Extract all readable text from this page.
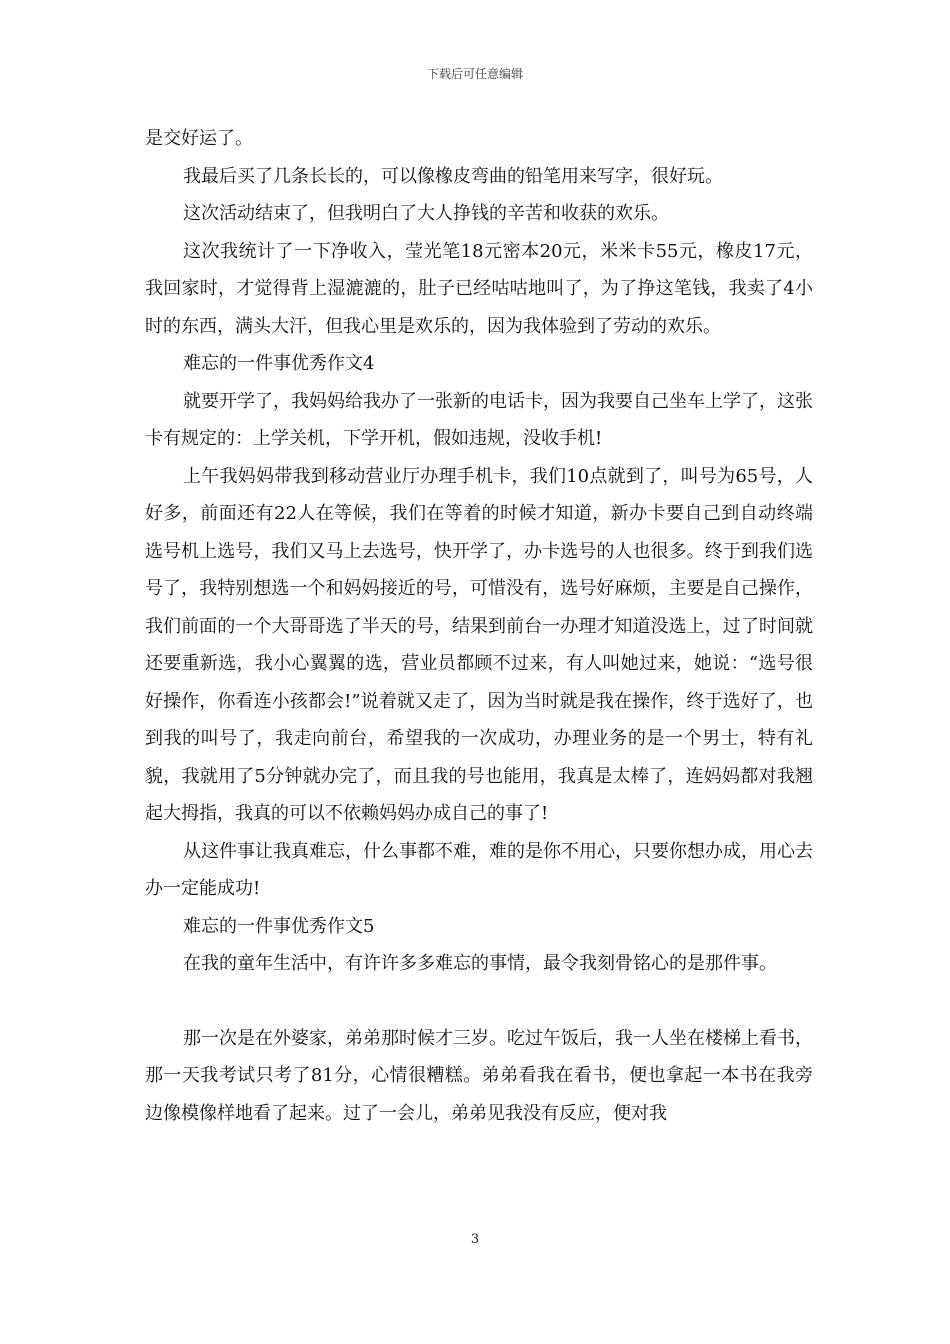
下载后可任意编辑

是交好运了。

我最后买了几条长长的，可以像橡皮弯曲的铅笔用来写字，很好玩。

这次活动结束了，但我明白了大人挣钱的辛苦和收获的欢乐。

这次我统计了一下净收入，莹光笔18元密本20元，米米卡55元，橡皮17元，我回家时，才觉得背上湿漉漉的，肚子已经咕咕地叫了，为了挣这笔钱，我卖了4小时的东西，满头大汗，但我心里是欢乐的，因为我体验到了劳动的欢乐。

难忘的一件事优秀作文4

就要开学了，我妈妈给我办了一张新的电话卡，因为我要自己坐车上学了，这张卡有规定的：上学关机，下学开机，假如违规，没收手机!

上午我妈妈带我到移动营业厅办理手机卡，我们10点就到了，叫号为65号，人好多，前面还有22人在等候，我们在等着的时候才知道，新办卡要自己到自动终端选号机上选号，我们又马上去选号，快开学了，办卡选号的人也很多。终于到我们选号了，我特别想选一个和妈妈接近的号，可惜没有，选号好麻烦，主要是自己操作，我们前面的一个大哥哥选了半天的号，结果到前台一办理才知道没选上，过了时间就还要重新选，我小心翼翼的选，营业员都顾不过来，有人叫她过来，她说：“选号很好操作，你看连小孩都会!”说着就又走了，因为当时就是我在操作，终于选好了，也到我的叫号了，我走向前台，希望我的一次成功，办理业务的是一个男士，特有礼貌，我就用了5分钟就办完了，而且我的号也能用，我真是太棒了，连妈妈都对我翘起大拇指，我真的可以不依赖妈妈办成自己的事了!

从这件事让我真难忘，什么事都不难，难的是你不用心，只要你想办成，用心去办一定能成功!

难忘的一件事优秀作文5

在我的童年生活中，有许许多多难忘的事情，最令我刻骨铭心的是那件事。

那一次是在外婆家，弟弟那时候才三岁。吃过午饭后，我一人坐在楼梯上看书，那一天我考试只考了81分，心情很糟糕。弟弟看我在看书，便也拿起一本书在我旁边像模像样地看了起来。过了一会儿，弟弟见我没有反应，便对我

3
